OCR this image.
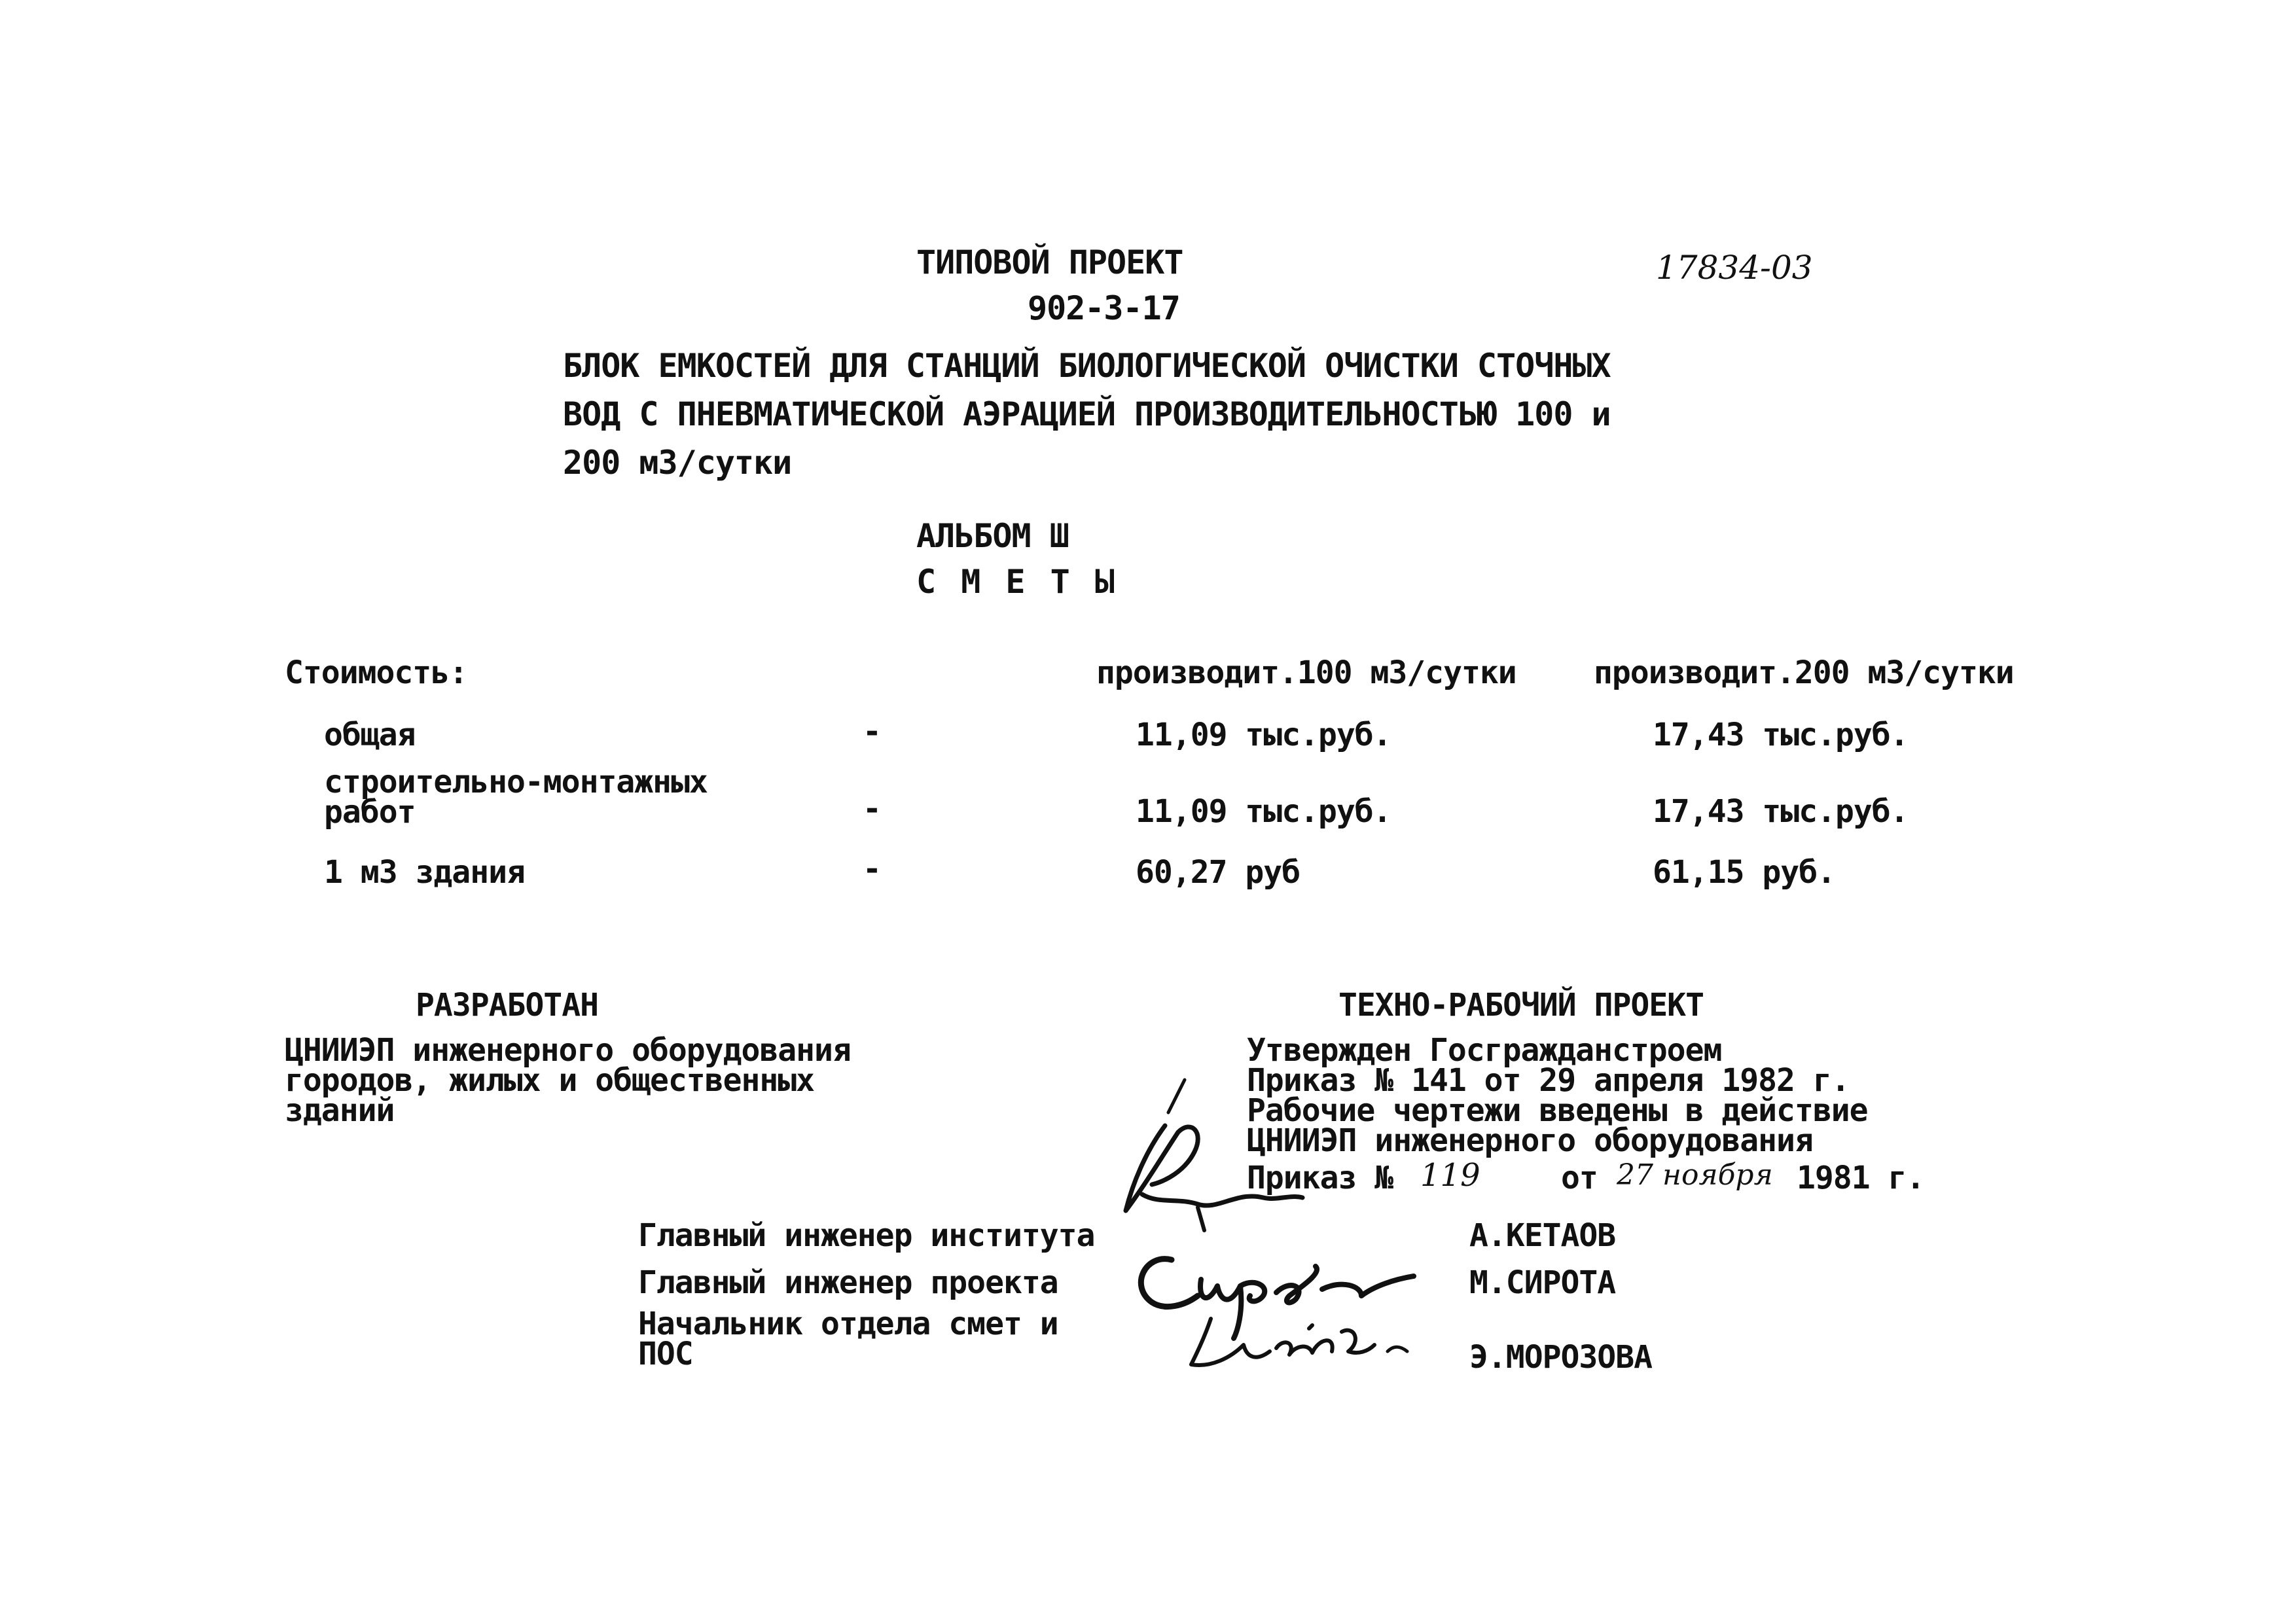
ТИПОВОЙ ПРОЕКТ
902-3-17
17834-03
БЛОК ЕМКОСТЕЙ ДЛЯ СТАНЦИЙ БИОЛОГИЧЕСКОЙ ОЧИСТКИ СТОЧНЫХ
ВОД С ПНЕВМАТИЧЕСКОЙ АЭРАЦИЕЙ ПРОИЗВОДИТЕЛЬНОСТЬЮ 100 и
200 м3/сутки
АЛЬБОМ Ш
С М Е Т Ы
Стоимость:	производит.100 м3/сутки производит.200 м3/сутки
общая	-	11,09 тыс.руб.	17,43 тыс.руб.
строительно-монтажных
работ	-	11,09 тыс.руб.	17,43 тыс.руб.
1 м3 здания	-	60,27 руб	61,15 руб.
РАЗРАБОТАН
ЦНИИЭП инженерного оборудования
городов, жилых и общественных
зданий
ТЕХНО-РАБОЧИЙ ПРОЕКТ
Утвержден Госгражданстроем
Приказ № 141 от 29 апреля 1982 г.
Рабочие чертежи введены в действие
ЦНИИЭП инженерного оборудования
Приказ № 119	от 27 ноября 1981 г.
Главный инженер института	А.КЕТАОВ
Главный инженер проекта	М.СИРОТА
Начальник отдела смет и
ПОС	Э.МОРОЗОВА
